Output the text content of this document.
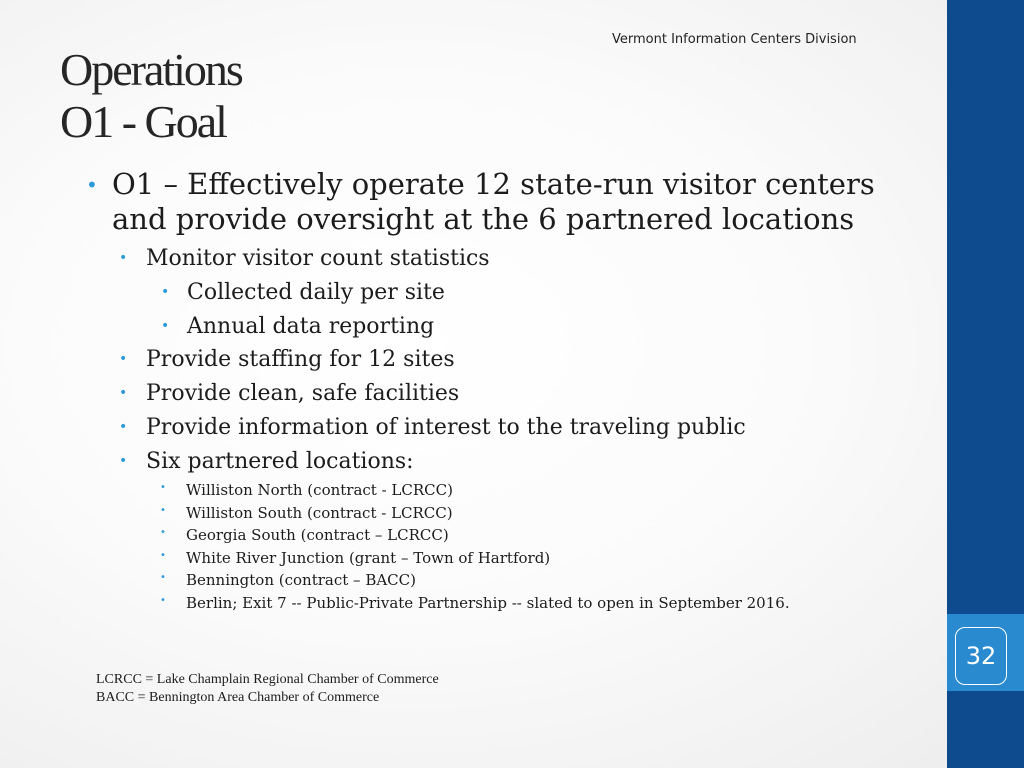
32
Vermont Information Centers Division
Operations
O1 - Goal
• O1 – Effectively operate 12 state-run visitor centers
and provide oversight at the 6 partnered locations
• Monitor visitor count statistics
• Collected daily per site
• Annual data reporting
• Provide staffing for 12 sites
• Provide clean, safe facilities
• Provide information of interest to the traveling public
• Six partnered locations:
• Williston North (contract - LCRCC)
• Williston South (contract - LCRCC)
• Georgia South (contract – LCRCC)
• White River Junction (grant – Town of Hartford)
• Bennington (contract – BACC)
• Berlin; Exit 7 -- Public-Private Partnership -- slated to open in September 2016.
LCRCC = Lake Champlain Regional Chamber of Commerce
BACC = Bennington Area Chamber of Commerce
